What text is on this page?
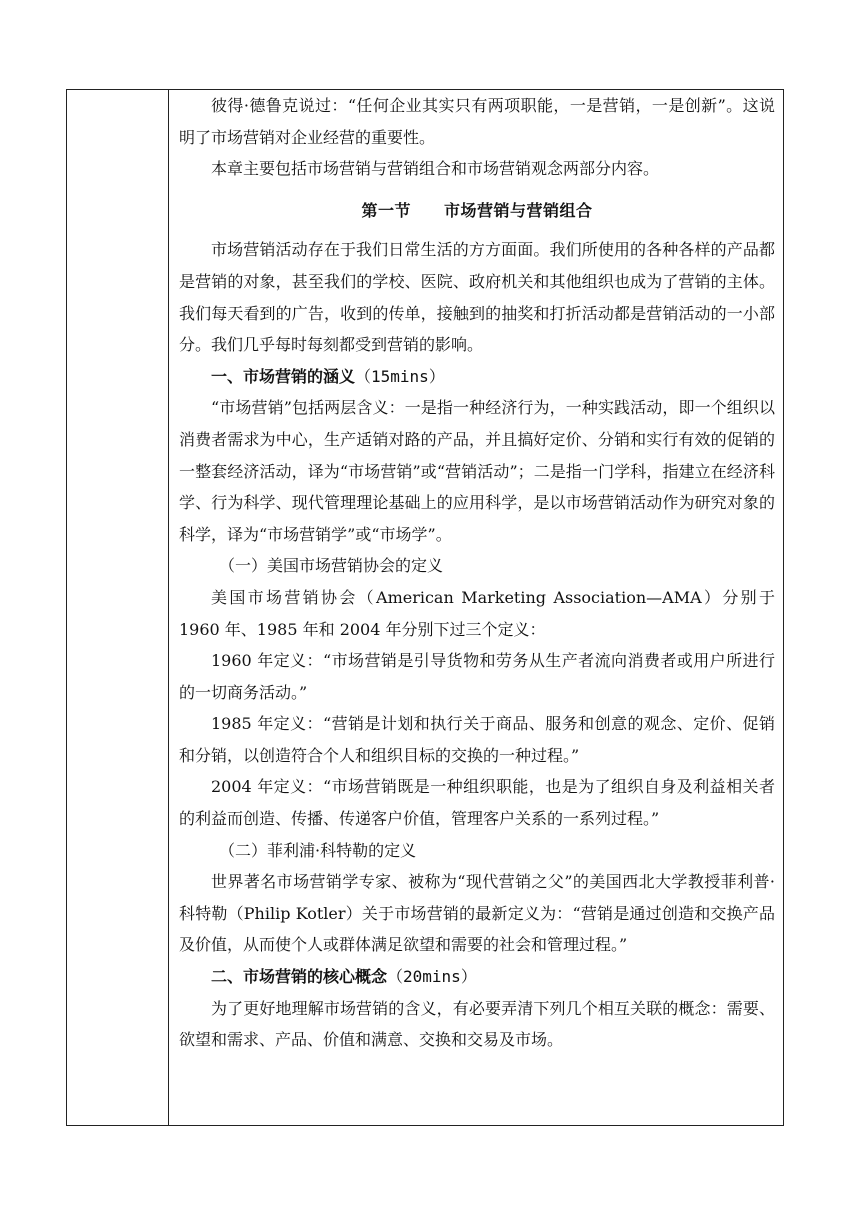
彼得·德鲁克说过：“任何企业其实只有两项职能，一是营销，一是创新”。这说明了市场营销对企业经营的重要性。

本章主要包括市场营销与营销组合和市场营销观念两部分内容。

第一节　　市场营销与营销组合

市场营销活动存在于我们日常生活的方方面面。我们所使用的各种各样的产品都是营销的对象，甚至我们的学校、医院、政府机关和其他组织也成为了营销的主体。我们每天看到的广告，收到的传单，接触到的抽奖和打折活动都是营销活动的一小部分。我们几乎每时每刻都受到营销的影响。

一、市场营销的涵义（15mins）

“市场营销”包括两层含义：一是指一种经济行为，一种实践活动，即一个组织以消费者需求为中心，生产适销对路的产品，并且搞好定价、分销和实行有效的促销的一整套经济活动，译为“市场营销”或“营销活动”；二是指一门学科，指建立在经济科学、行为科学、现代管理理论基础上的应用科学，是以市场营销活动作为研究对象的科学，译为“市场营销学”或“市场学”。

（一）美国市场营销协会的定义

美国市场营销协会（American Marketing Association—AMA）分别于 1960 年、1985 年和 2004 年分别下过三个定义：

1960 年定义：“市场营销是引导货物和劳务从生产者流向消费者或用户所进行的一切商务活动。”

1985 年定义：“营销是计划和执行关于商品、服务和创意的观念、定价、促销和分销，以创造符合个人和组织目标的交换的一种过程。”

2004 年定义：“市场营销既是一种组织职能，也是为了组织自身及利益相关者的利益而创造、传播、传递客户价值，管理客户关系的一系列过程。”

（二）菲利浦·科特勒的定义

世界著名市场营销学专家、被称为“现代营销之父”的美国西北大学教授菲利普·科特勒（Philip Kotler）关于市场营销的最新定义为：“营销是通过创造和交换产品及价值，从而使个人或群体满足欲望和需要的社会和管理过程。”

二、市场营销的核心概念（20mins）

为了更好地理解市场营销的含义，有必要弄清下列几个相互关联的概念：需要、欲望和需求、产品、价值和满意、交换和交易及市场。
